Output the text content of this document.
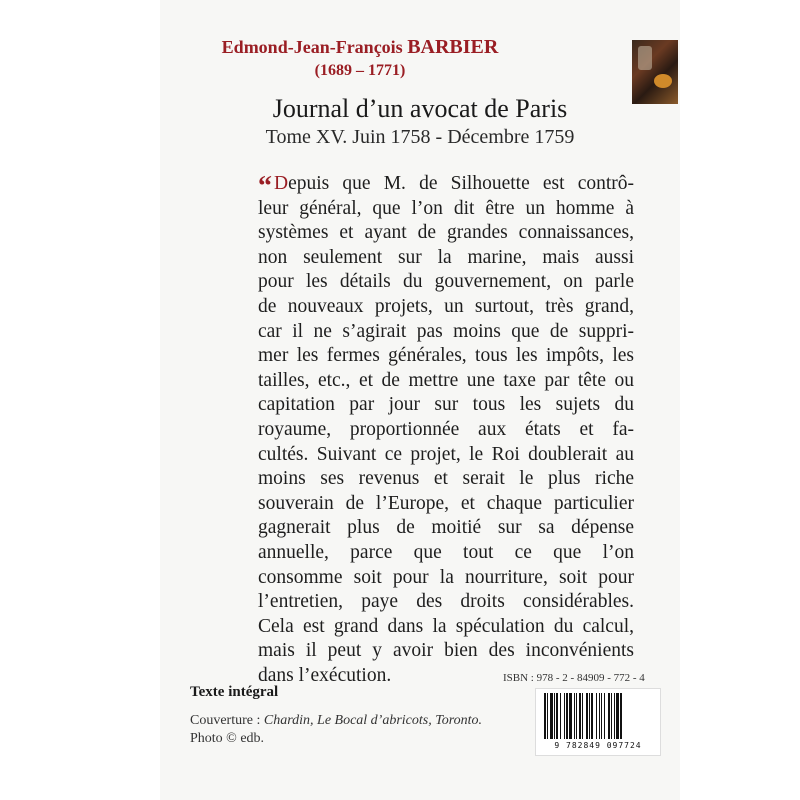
Edmond-Jean-François BARBIER
(1689 – 1771)
Journal d’un avocat de Paris
Tome XV. Juin 1758 - Décembre 1759
“ Depuis que M. de Silhouette est contrô-
leur général, que l’on dit être un homme à
systèmes et ayant de grandes connaissances,
non seulement sur la marine, mais aussi
pour les détails du gouvernement, on parle
de nouveaux projets, un surtout, très grand,
car il ne s’agirait pas moins que de suppri-
mer les fermes générales, tous les impôts, les
tailles, etc., et de mettre une taxe par tête ou
capitation par jour sur tous les sujets du
royaume, proportionnée aux états et fa-
cultés. Suivant ce projet, le Roi doublerait au
moins ses revenus et serait le plus riche
souverain de l’Europe, et chaque particulier
gagnerait plus de moitié sur sa dépense
annuelle, parce que tout ce que l’on
consomme soit pour la nourriture, soit pour
l’entretien, paye des droits considérables.
Cela est grand dans la spéculation du calcul,
mais il peut y avoir bien des inconvénients
dans l’exécution.
Texte intégral
Couverture : Chardin, Le Bocal d’abricots, Toronto.
Photo © edb.
ISBN : 978 - 2 - 84909 - 772 - 4
9 782849 097724
